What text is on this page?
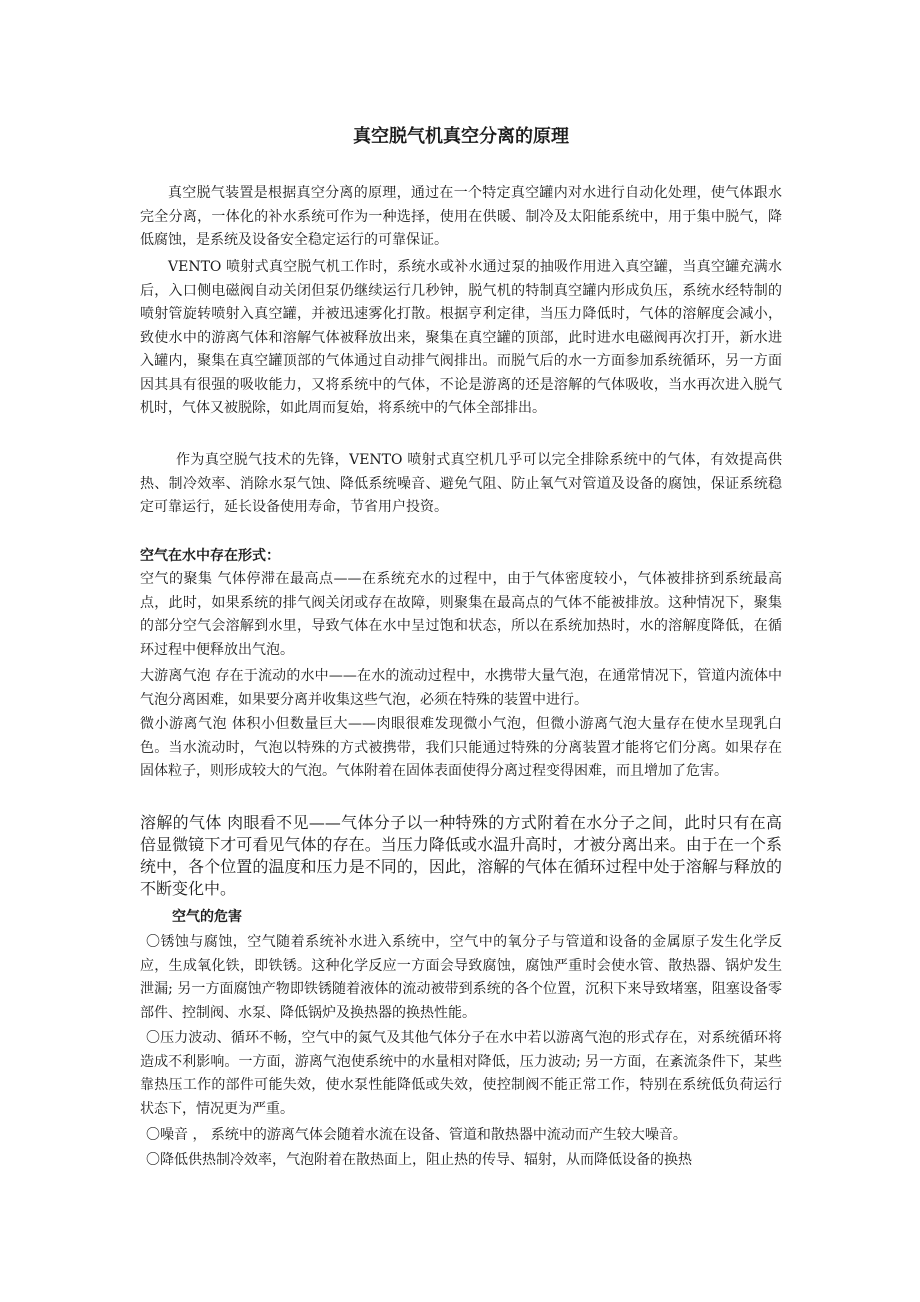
真空脱气机真空分离的原理

真空脱气装置是根据真空分离的原理，通过在一个特定真空罐内对水进行自动化处理，使气体跟水完全分离，一体化的补水系统可作为一种选择，使用在供暖、制冷及太阳能系统中，用于集中脱气，降低腐蚀，是系统及设备安全稳定运行的可靠保证。

VENTO 喷射式真空脱气机工作时，系统水或补水通过泵的抽吸作用进入真空罐，当真空罐充满水后，入口侧电磁阀自动关闭但泵仍继续运行几秒钟，脱气机的特制真空罐内形成负压，系统水经特制的喷射管旋转喷射入真空罐，并被迅速雾化打散。根据亨利定律，当压力降低时，气体的溶解度会减小，致使水中的游离气体和溶解气体被释放出来，聚集在真空罐的顶部，此时进水电磁阀再次打开，新水进入罐内，聚集在真空罐顶部的气体通过自动排气阀排出。而脱气后的水一方面参加系统循环，另一方面因其具有很强的吸收能力，又将系统中的气体，不论是游离的还是溶解的气体吸收，当水再次进入脱气机时，气体又被脱除，如此周而复始，将系统中的气体全部排出。

作为真空脱气技术的先锋，VENTO 喷射式真空机几乎可以完全排除系统中的气体，有效提高供热、制冷效率、消除水泵气蚀、降低系统噪音、避免气阻、防止氧气对管道及设备的腐蚀，保证系统稳定可靠运行，延长设备使用寿命，节省用户投资。

空气在水中存在形式：

空气的聚集 气体停滞在最高点——在系统充水的过程中，由于气体密度较小，气体被排挤到系统最高点，此时，如果系统的排气阀关闭或存在故障，则聚集在最高点的气体不能被排放。这种情况下，聚集的部分空气会溶解到水里，导致气体在水中呈过饱和状态，所以在系统加热时，水的溶解度降低，在循环过程中便释放出气泡。

大游离气泡 存在于流动的水中——在水的流动过程中，水携带大量气泡，在通常情况下，管道内流体中气泡分离困难，如果要分离并收集这些气泡，必须在特殊的装置中进行。

微小游离气泡 体积小但数量巨大——肉眼很难发现微小气泡，但微小游离气泡大量存在使水呈现乳白色。当水流动时，气泡以特殊的方式被携带，我们只能通过特殊的分离装置才能将它们分离。如果存在固体粒子，则形成较大的气泡。气体附着在固体表面使得分离过程变得困难，而且增加了危害。

溶解的气体 肉眼看不见——气体分子以一种特殊的方式附着在水分子之间，此时只有在高倍显微镜下才可看见气体的存在。当压力降低或水温升高时，才被分离出来。由于在一个系统中，各个位置的温度和压力是不同的，因此，溶解的气体在循环过程中处于溶解与释放的不断变化中。

空气的危害

〇锈蚀与腐蚀，空气随着系统补水进入系统中，空气中的氧分子与管道和设备的金属原子发生化学反应，生成氧化铁，即铁锈。这种化学反应一方面会导致腐蚀，腐蚀严重时会使水管、散热器、锅炉发生泄漏; 另一方面腐蚀产物即铁锈随着液体的流动被带到系统的各个位置，沉积下来导致堵塞，阻塞设备零部件、控制阀、水泵、降低锅炉及换热器的换热性能。

〇压力波动、循环不畅，空气中的氮气及其他气体分子在水中若以游离气泡的形式存在，对系统循环将造成不利影响。一方面，游离气泡使系统中的水量相对降低，压力波动; 另一方面，在紊流条件下，某些靠热压工作的部件可能失效，使水泵性能降低或失效，使控制阀不能正常工作，特别在系统低负荷运行状态下，情况更为严重。

〇噪音 ， 系统中的游离气体会随着水流在设备、管道和散热器中流动而产生较大噪音。

〇降低供热制冷效率，气泡附着在散热面上，阻止热的传导、辐射，从而降低设备的换热
